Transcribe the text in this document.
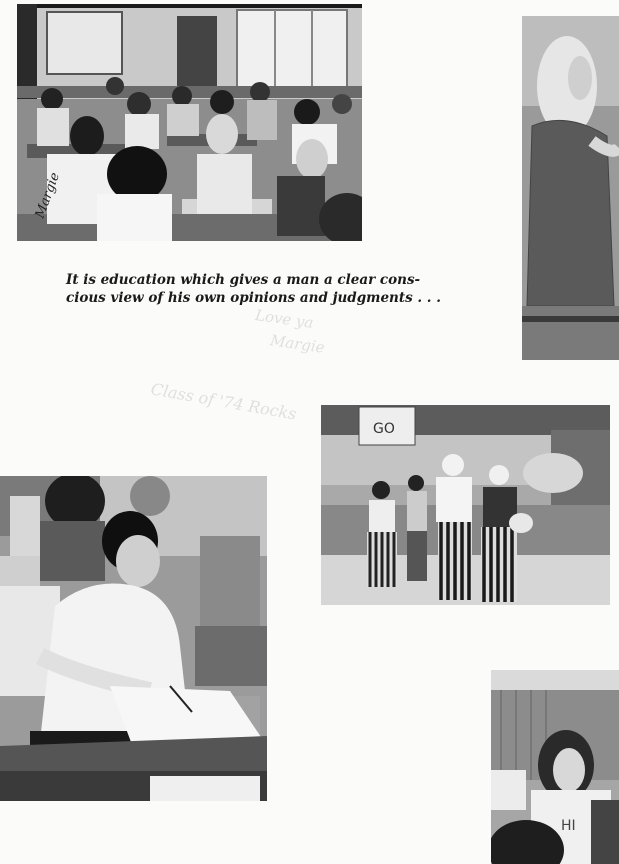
Margie

It is education which gives a man a clear cons-
cious view of his own opinions and judgments . . .

Love ya
Margie
Class of '74 Rocks
GO
HI
